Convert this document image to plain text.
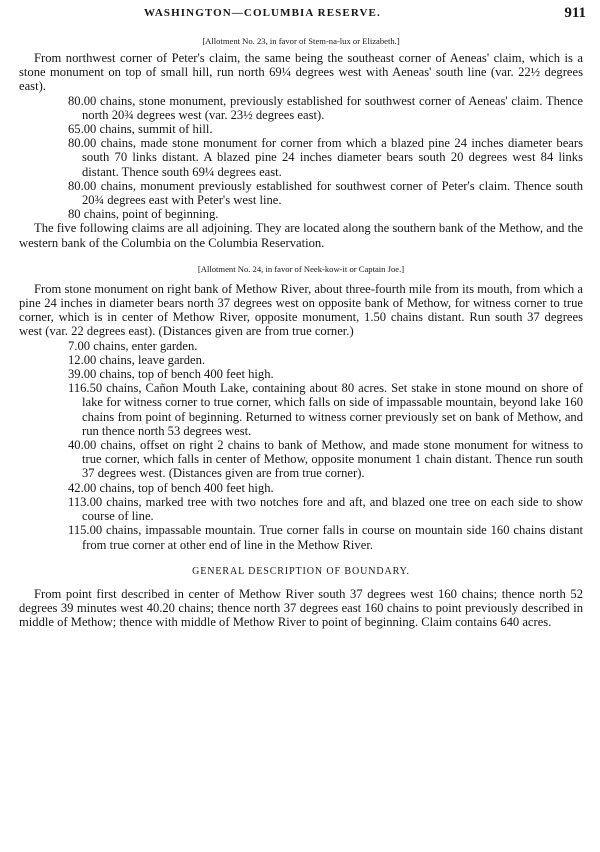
WASHINGTON—COLUMBIA RESERVE.	911

[Allotment No. 23, in favor of Stem-na-lux or Elizabeth.]

From northwest corner of Peter's claim, the same being the southeast corner of Aeneas' claim, which is a stone monument on top of small hill, run north 69¼ degrees west with Aeneas' south line (var. 22½ degrees east).

80.00 chains, stone monument, previously established for southwest corner of Aeneas' claim. Thence north 20¾ degrees west (var. 23½ degrees east).

65.00 chains, summit of hill.

80.00 chains, made stone monument for corner from which a blazed pine 24 inches diameter bears south 70 links distant. A blazed pine 24 inches diameter bears south 20 degrees west 84 links distant. Thence south 69¼ degrees east.

80.00 chains, monument previously established for southwest corner of Peter's claim. Thence south 20¾ degrees east with Peter's west line.

80 chains, point of beginning.

The five following claims are all adjoining. They are located along the southern bank of the Methow, and the western bank of the Columbia on the Columbia Reservation.

[Allotment No. 24, in favor of Neek-kow-it or Captain Joe.]

From stone monument on right bank of Methow River, about three-fourth mile from its mouth, from which a pine 24 inches in diameter bears north 37 degrees west on opposite bank of Methow, for witness corner to true corner, which is in center of Methow River, opposite monument, 1.50 chains distant. Run south 37 degrees west (var. 22 degrees east). (Distances given are from true corner.)

7.00 chains, enter garden.

12.00 chains, leave garden.

39.00 chains, top of bench 400 feet high.

116.50 chains, Cañon Mouth Lake, containing about 80 acres. Set stake in stone mound on shore of lake for witness corner to true corner, which falls on side of impassable mountain, beyond lake 160 chains from point of beginning. Returned to witness corner previously set on bank of Methow, and run thence north 53 degrees west.

40.00 chains, offset on right 2 chains to bank of Methow, and made stone monument for witness to true corner, which falls in center of Methow, opposite monument 1 chain distant. Thence run south 37 degrees west. (Distances given are from true corner).

42.00 chains, top of bench 400 feet high.

113.00 chains, marked tree with two notches fore and aft, and blazed one tree on each side to show course of line.

115.00 chains, impassable mountain. True corner falls in course on mountain side 160 chains distant from true corner at other end of line in the Methow River.

GENERAL DESCRIPTION OF BOUNDARY.

From point first described in center of Methow River south 37 degrees west 160 chains; thence north 52 degrees 39 minutes west 40.20 chains; thence north 37 degrees east 160 chains to point previously described in middle of Methow; thence with middle of Methow River to point of beginning. Claim contains 640 acres.
